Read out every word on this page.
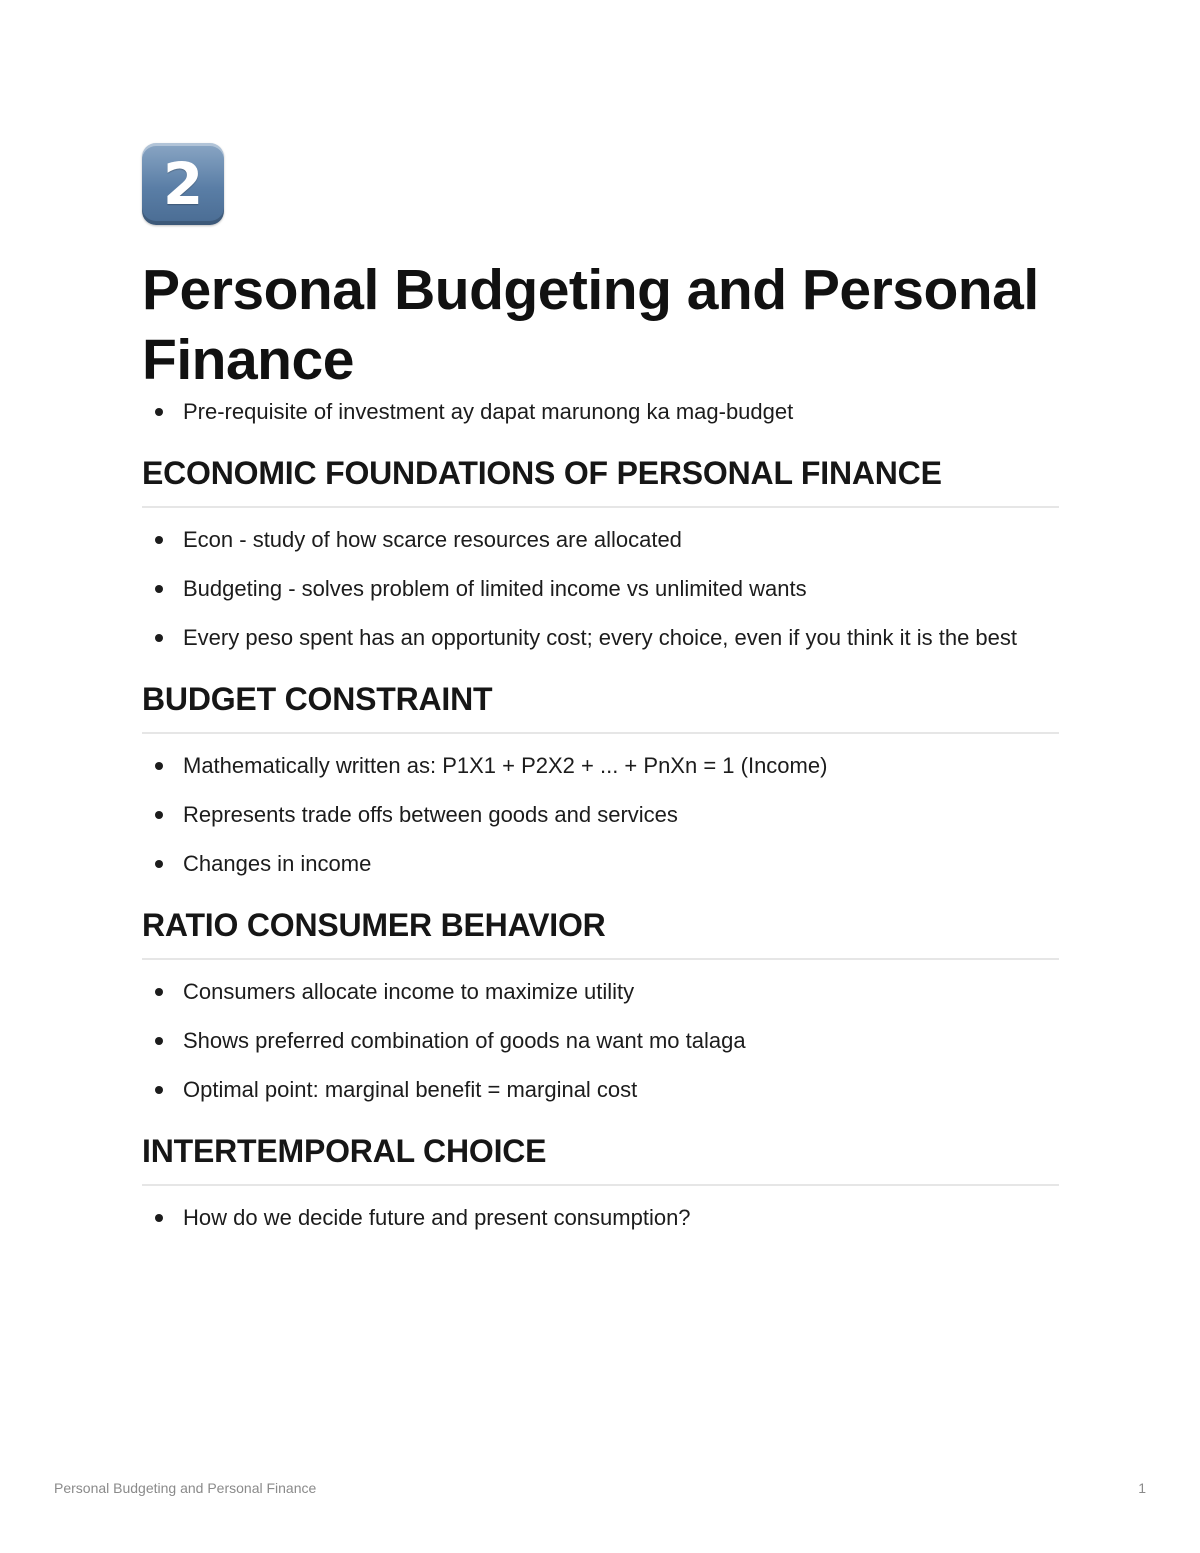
2
Personal Budgeting and Personal Finance
Pre-requisite of investment ay dapat marunong ka mag-budget
ECONOMIC FOUNDATIONS OF PERSONAL FINANCE
Econ - study of how scarce resources are allocated
Budgeting - solves problem of limited income vs unlimited wants
Every peso spent has an opportunity cost; every choice, even if you think it is the best
BUDGET CONSTRAINT
Mathematically written as: P1X1 + P2X2 + ... + PnXn = 1 (Income)
Represents trade offs between goods and services
Changes in income
RATIO CONSUMER BEHAVIOR
Consumers allocate income to maximize utility
Shows preferred combination of goods na want mo talaga
Optimal point: marginal benefit = marginal cost
INTERTEMPORAL CHOICE
How do we decide future and present consumption?
Personal Budgeting and Personal Finance	1
